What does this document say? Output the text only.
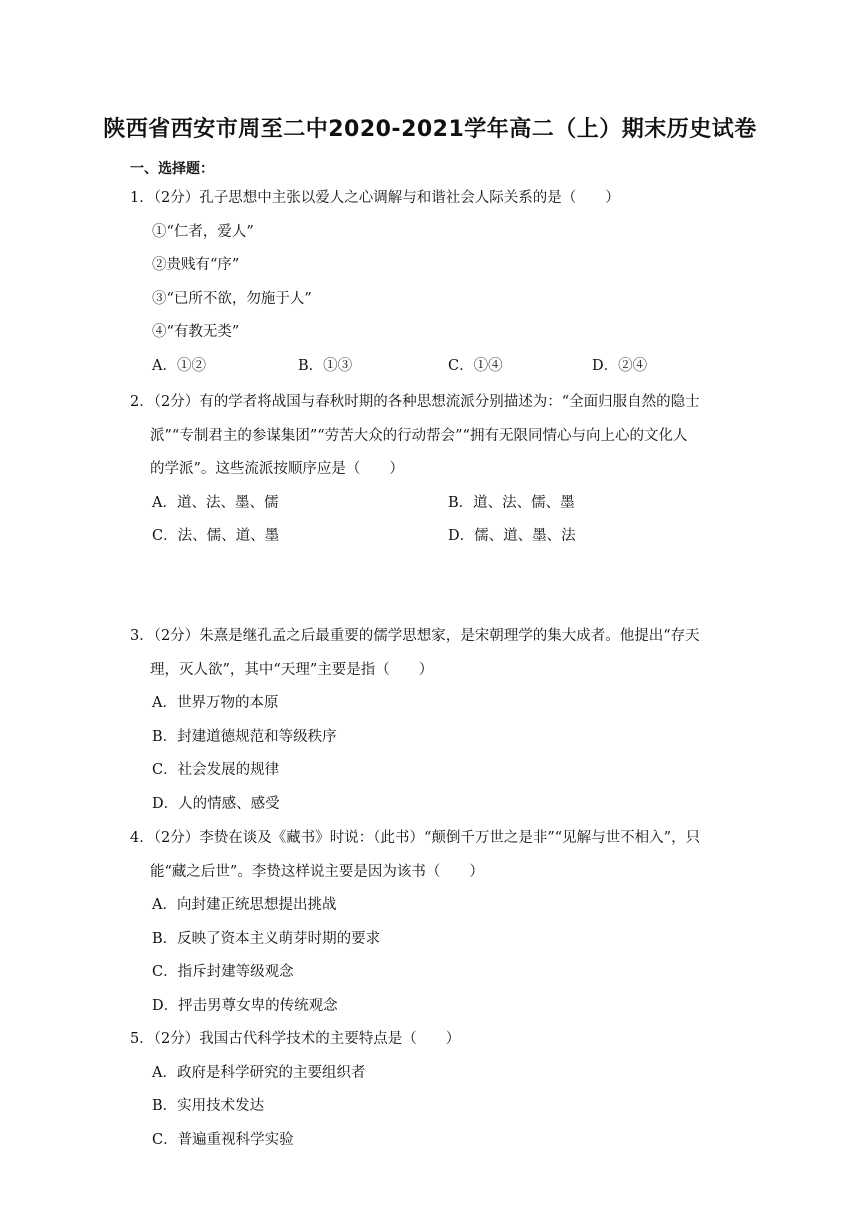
陕西省西安市周至二中2020-2021学年高二（上）期末历史试卷
一、选择题：
1．（2分）孔子思想中主张以爱人之心调解与和谐社会人际关系的是（　　）
①“仁者，爱人”
②贵贱有“序”
③“已所不欲，勿施于人”
④“有教无类”
A．①②	B．①③	C．①④	D．②④
2．（2分）有的学者将战国与春秋时期的各种思想流派分别描述为：“全面归服自然的隐士
派”“专制君主的参谋集团”“劳苦大众的行动帮会”“拥有无限同情心与向上心的文化人
的学派”。这些流派按顺序应是（　　）
A．道、法、墨、儒	B．道、法、儒、墨
C．法、儒、道、墨	D．儒、道、墨、法
3．（2分）朱熹是继孔孟之后最重要的儒学思想家，是宋朝理学的集大成者。他提出“存天
理，灭人欲”，其中“天理”主要是指（　　）
A．世界万物的本原
B．封建道德规范和等级秩序
C．社会发展的规律
D．人的情感、感受
4．（2分）李贽在谈及《藏书》时说：（此书）“颠倒千万世之是非”“见解与世不相入”，只
能“藏之后世”。李贽这样说主要是因为该书（　　）
A．向封建正统思想提出挑战
B．反映了资本主义萌芽时期的要求
C．指斥封建等级观念
D．抨击男尊女卑的传统观念
5．（2分）我国古代科学技术的主要特点是（　　）
A．政府是科学研究的主要组织者
B．实用技术发达
C．普遍重视科学实验
